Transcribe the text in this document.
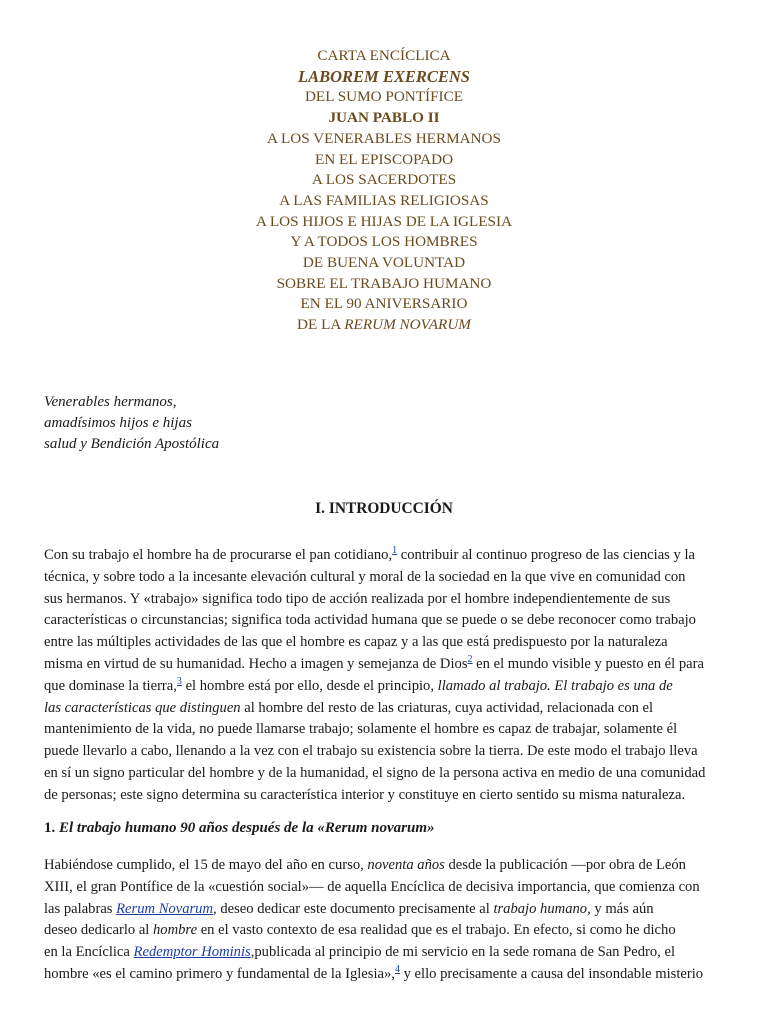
CARTA ENCÍCLICA
LABOREM EXERCENS
DEL SUMO PONTÍFICE
JUAN PABLO II
A LOS VENERABLES HERMANOS
EN EL EPISCOPADO
A LOS SACERDOTES
A LAS FAMILIAS RELIGIOSAS
A LOS HIJOS E HIJAS DE LA IGLESIA
Y A TODOS LOS HOMBRES
DE BUENA VOLUNTAD
SOBRE EL TRABAJO HUMANO
EN EL 90 ANIVERSARIO
DE LA RERUM NOVARUM
Venerables hermanos,
amadísimos hijos e hijas
salud y Bendición Apostólica
I. INTRODUCCIÓN
Con su trabajo el hombre ha de procurarse el pan cotidiano,$^1$ contribuir al continuo progreso de las ciencias y la
técnica, y sobre todo a la incesante elevación cultural y moral de la sociedad en la que vive en comunidad con
sus hermanos. Y «trabajo» significa todo tipo de acción realizada por el hombre independientemente de sus
características o circunstancias; significa toda actividad humana que se puede o se debe reconocer como trabajo
entre las múltiples actividades de las que el hombre es capaz y a las que está predispuesto por la naturaleza
misma en virtud de su humanidad. Hecho a imagen y semejanza de Dios$^2$ en el mundo visible y puesto en él para
que dominase la tierra,$^3$ el hombre está por ello, desde el principio, llamado al trabajo. El trabajo es una de
las características que distinguen al hombre del resto de las criaturas, cuya actividad, relacionada con el
mantenimiento de la vida, no puede llamarse trabajo; solamente el hombre es capaz de trabajar, solamente él
puede llevarlo a cabo, llenando a la vez con el trabajo su existencia sobre la tierra. De este modo el trabajo lleva
en sí un signo particular del hombre y de la humanidad, el signo de la persona activa en medio de una comunidad
de personas; este signo determina su característica interior y constituye en cierto sentido su misma naturaleza.
1. El trabajo humano 90 años después de la «Rerum novarum»
Habiéndose cumplido, el 15 de mayo del año en curso, noventa años desde la publicación —por obra de León
XIII, el gran Pontífice de la «cuestión social»— de aquella Encíclica de decisiva importancia, que comienza con
las palabras Rerum Novarum, deseo dedicar este documento precisamente al trabajo humano, y más aún
deseo dedicarlo al hombre en el vasto contexto de esa realidad que es el trabajo. En efecto, si como he dicho
en la Encíclica Redemptor Hominis,publicada al principio de mi servicio en la sede romana de San Pedro, el
hombre «es el camino primero y fundamental de la Iglesia»,$^4$ y ello precisamente a causa del insondable misterio
